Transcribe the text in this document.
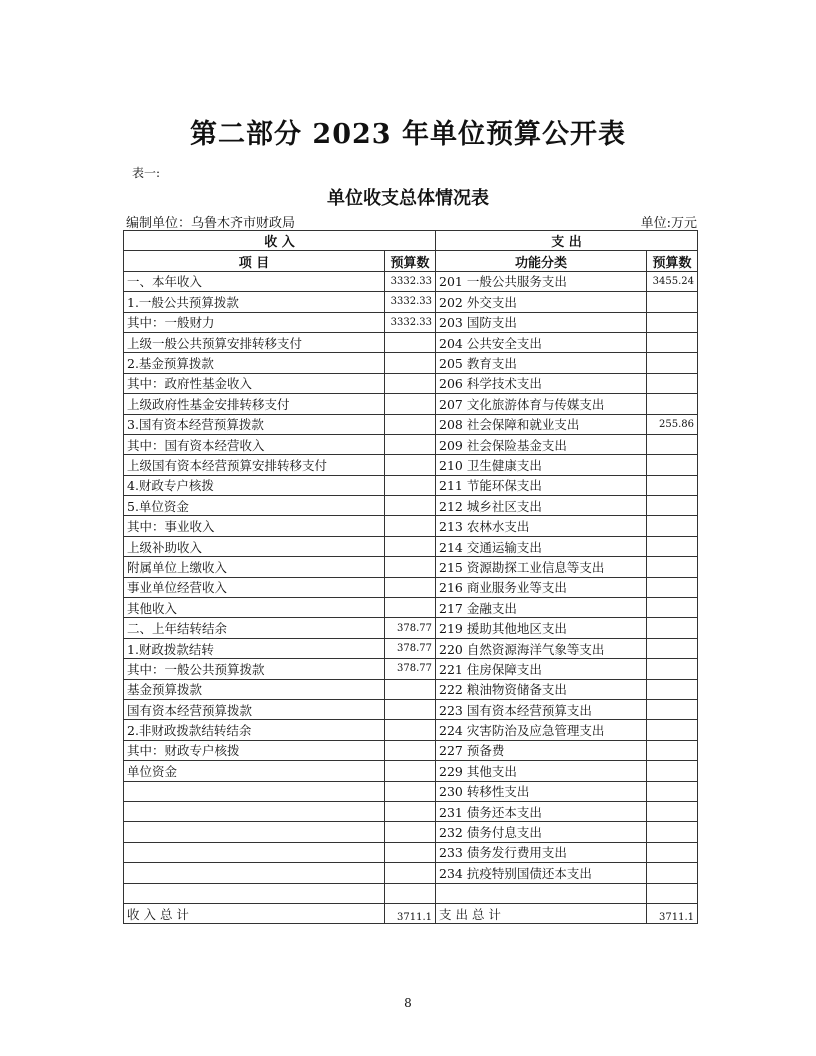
第二部分 2023 年单位预算公开表
表一:
单位收支总体情况表
编制单位：乌鲁木齐市财政局	单位:万元
收 入		支 出	
项 目	预算数	功能分类	预算数
一、本年收入	3332.33	201 一般公共服务支出	3455.24
1.一般公共预算拨款	3332.33	202 外交支出	
其中：一般财力	3332.33	203 国防支出	
上级一般公共预算安排转移支付		204 公共安全支出	
2.基金预算拨款		205 教育支出	
其中：政府性基金收入		206 科学技术支出	
上级政府性基金安排转移支付		207 文化旅游体育与传媒支出	
3.国有资本经营预算拨款		208 社会保障和就业支出	255.86
其中：国有资本经营收入		209 社会保险基金支出	
上级国有资本经营预算安排转移支付		210 卫生健康支出	
4.财政专户核拨		211 节能环保支出	
5.单位资金		212 城乡社区支出	
其中：事业收入		213 农林水支出	
上级补助收入		214 交通运输支出	
附属单位上缴收入		215 资源勘探工业信息等支出	
事业单位经营收入		216 商业服务业等支出	
其他收入		217 金融支出	
二、上年结转结余	378.77	219 援助其他地区支出	
1.财政拨款结转	378.77	220 自然资源海洋气象等支出	
其中：一般公共预算拨款	378.77	221 住房保障支出	
基金预算拨款		222 粮油物资储备支出	
国有资本经营预算拨款		223 国有资本经营预算支出	
2.非财政拨款结转结余		224 灾害防治及应急管理支出	
其中：财政专户核拨		227 预备费	
单位资金		229 其他支出	
		230 转移性支出	
		231 债务还本支出	
		232 债务付息支出	
		233 债务发行费用支出	
		234 抗疫特别国债还本支出	

收 入 总 计	3711.1	支 出 总 计	3711.1
8
